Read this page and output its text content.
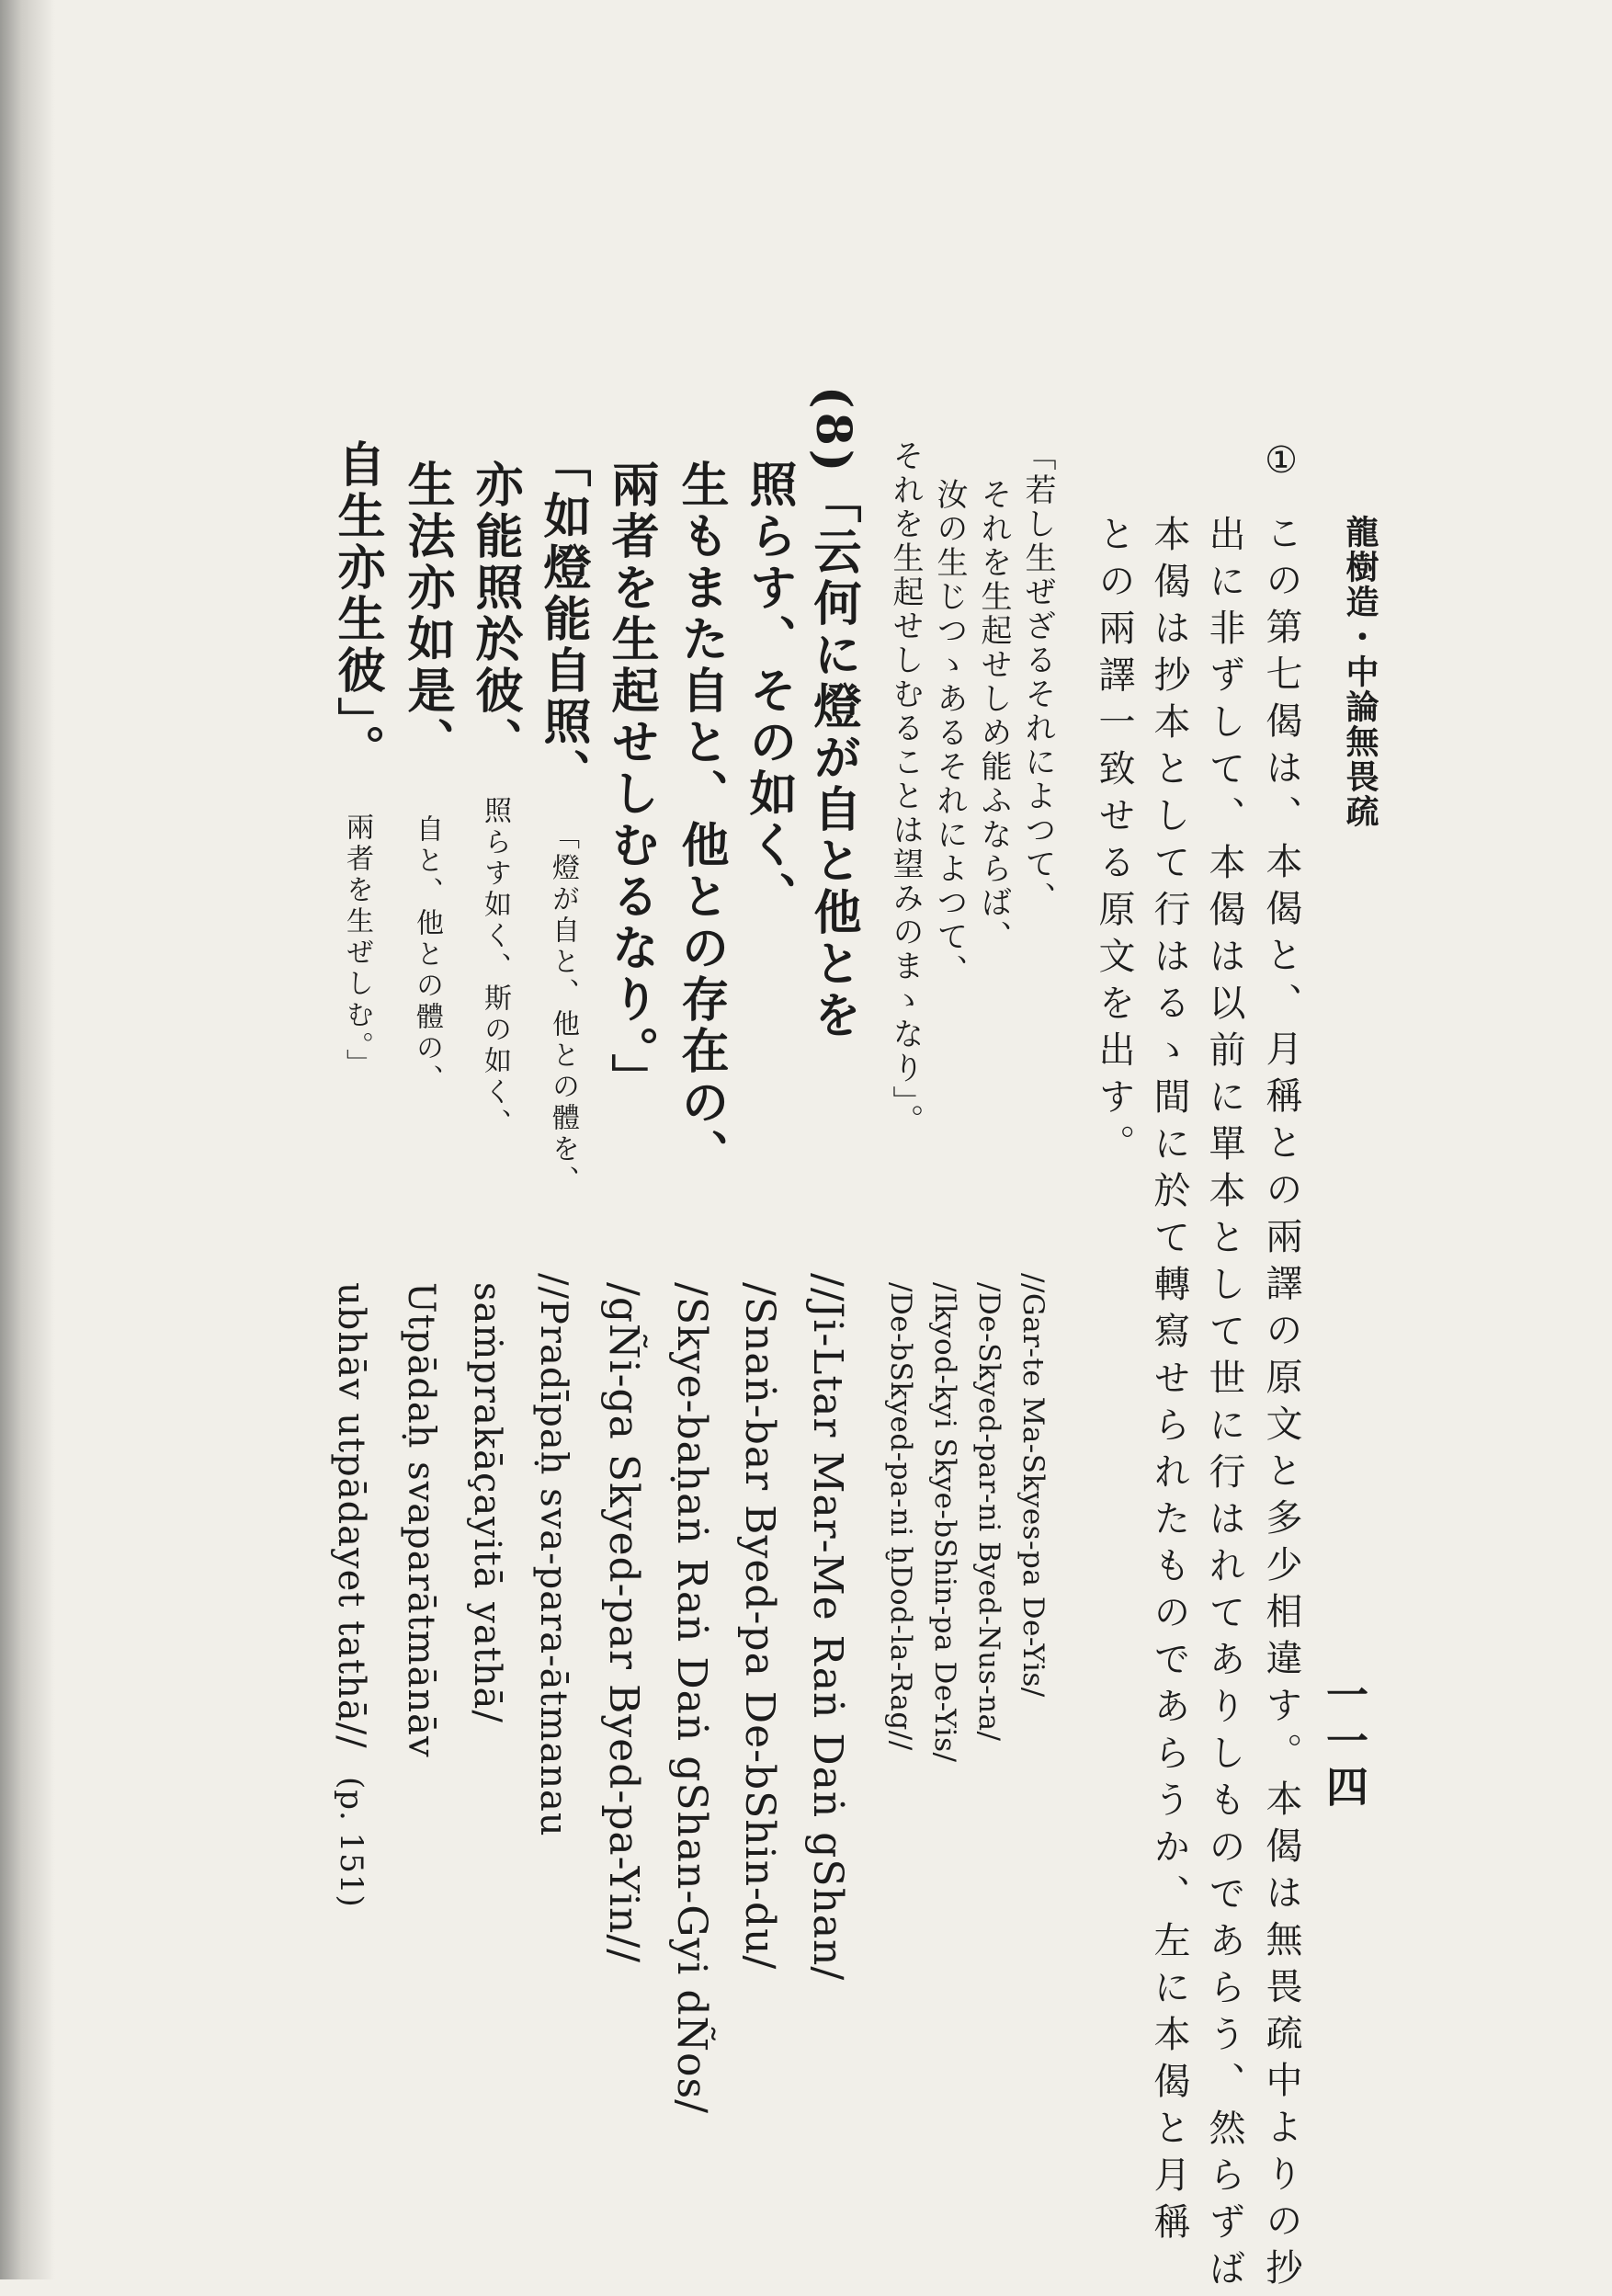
龍樹造・中論無畏疏
① この第七偈は、本偈と、月稱との兩譯の原文と多少相違す。本偈は無畏疏中よりの抄
出に非ずして、本偈は以前に單本として世に行はれてありしものであらう、然らずば
本偈は抄本として行はるゝ間に於て轉寫せられたものであらうか、左に本偈と月稱
との兩譯一致せる原文を出す。
「若し生ぜざるそれによつて、
それを生起せしめ能ふならば、
汝の生じつゝあるそれによつて、
それを生起せしむることは望みのまゝなり」。
//Gar-te Ma-Skyes-pa De-Yis/
/De-Skyed-par-ni Byed-Nus-na/
/Ikyod-kyi Skye-bShin-pa De-Yis/
/De-bSkyed-pa-ni ḫDod-la-Rag//
(8)「云何に燈が自と他とを
照らす、その如く、
生もまた自と、他との存在の、
兩者を生起せしむるなり。」
「如燈能自照、「燈が自と、他との體を、
亦能照於彼、照らす如く、斯の如く、
生法亦如是、自と、他との體の、
自生亦生彼」。兩者を生ぜしむ。」
//Ji-Ltar Mar-Me Raṅ Daṅ gShan/
/Snaṅ-bar Byed-pa De-bShin-du/
/Skye-baḥaṅ Raṅ Daṅ gShan-Gyi dÑos/
/gÑi-ga Skyed-par Byed-pa-Yin//
//Pradīpaḥ sva-para-ātmanau
saṁprakāçayitā yathā/
Utpādaḥ svaparātmānāv
ubhāv utpādayet tathā//(p. 151)
一一四
